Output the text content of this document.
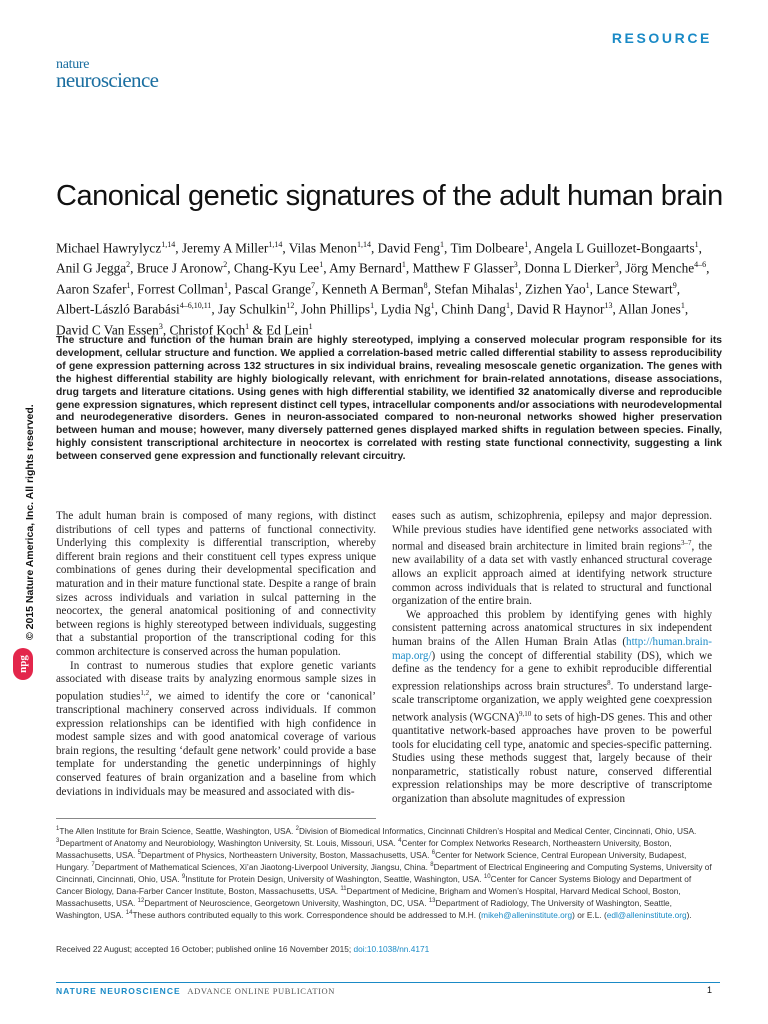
RESOURCE
nature
neuroscience
Canonical genetic signatures of the adult human brain
Michael Hawrylycz$^{1,14}$, Jeremy A Miller$^{1,14}$, Vilas Menon$^{1,14}$, David Feng$^1$, Tim Dolbeare$^1$, Angela L Guillozet-Bongaarts$^1$, Anil G Jegga$^2$, Bruce J Aronow$^2$, Chang-Kyu Lee$^1$, Amy Bernard$^1$, Matthew F Glasser$^3$, Donna L Dierker$^3$, Jörg Menche$^{4-6}$, Aaron Szafer$^1$, Forrest Collman$^1$, Pascal Grange$^7$, Kenneth A Berman$^8$, Stefan Mihalas$^1$, Zizhen Yao$^1$, Lance Stewart$^9$, Albert-László Barabási$^{4-6,10,11}$, Jay Schulkin$^{12}$, John Phillips$^1$, Lydia Ng$^1$, Chinh Dang$^1$, David R Haynor$^{13}$, Allan Jones$^1$, David C Van Essen$^3$, Christof Koch$^1$ & Ed Lein$^1$
The structure and function of the human brain are highly stereotyped, implying a conserved molecular program responsible for its development, cellular structure and function. We applied a correlation-based metric called differential stability to assess reproducibility of gene expression patterning across 132 structures in six individual brains, revealing mesoscale genetic organization. The genes with the highest differential stability are highly biologically relevant, with enrichment for brain-related annotations, disease associations, drug targets and literature citations. Using genes with high differential stability, we identified 32 anatomically diverse and reproducible gene expression signatures, which represent distinct cell types, intracellular components and/or associations with neurodevelopmental and neurodegenerative disorders. Genes in neuron-associated compared to non-neuronal networks showed higher preservation between human and mouse; however, many diversely patterned genes displayed marked shifts in regulation between species. Finally, highly consistent transcriptional architecture in neocortex is correlated with resting state functional connectivity, suggesting a link between conserved gene expression and functionally relevant circuitry.

The adult human brain is composed of many regions, with distinct distributions of cell types and patterns of functional connectivity. Underlying this complexity is differential transcription, whereby different brain regions and their constituent cell types express unique combinations of genes during their developmental specification and maturation and in their mature functional state. Despite a range of brain sizes across individuals and variation in sulcal patterning in the neocortex, the general anatomical positioning of and connectivity between regions is highly stereotyped between individuals, suggesting that a substantial proportion of the transcriptional coding for this common architecture is conserved across the human population.

In contrast to numerous studies that explore genetic variants associated with disease traits by analyzing enormous sample sizes in population studies$^{1,2}$, we aimed to identify the core or ‘canonical’ transcriptional machinery conserved across individuals. If common expression relationships can be identified with high confidence in modest sample sizes and with good anatomical coverage of various brain regions, the resulting ‘default gene network’ could provide a base template for understanding the genetic underpinnings of highly conserved features of brain organization and a baseline from which deviations in individuals may be measured and associated with dis-

eases such as autism, schizophrenia, epilepsy and major depression. While previous studies have identified gene networks associated with normal and diseased brain architecture in limited brain regions$^{3-7}$, the new availability of a data set with vastly enhanced structural coverage allows an explicit approach aimed at identifying network structure common across individuals that is related to structural and functional organization of the entire brain.

We approached this problem by identifying genes with highly consistent patterning across anatomical structures in six independent human brains of the Allen Human Brain Atlas (http://human.brain-map.org/) using the concept of differential stability (DS), which we define as the tendency for a gene to exhibit reproducible differential expression relationships across brain structures$^8$. To understand large-scale transcriptome organization, we apply weighted gene coexpression network analysis (WGCNA)$^{9,10}$ to sets of high-DS genes. This and other quantitative network-based approaches have proven to be powerful tools for elucidating cell type, anatomic and species-specific patterning. Studies using these methods suggest that, largely because of their nonparametric, statistically robust nature, conserved differential expression relationships may be more descriptive of transcriptome organization than absolute magnitudes of expression

$^1$The Allen Institute for Brain Science, Seattle, Washington, USA. $^2$Division of Biomedical Informatics, Cincinnati Children’s Hospital and Medical Center, Cincinnati, Ohio, USA. $^3$Department of Anatomy and Neurobiology, Washington University, St. Louis, Missouri, USA. $^4$Center for Complex Networks Research, Northeastern University, Boston, Massachusetts, USA. $^5$Department of Physics, Northeastern University, Boston, Massachusetts, USA. $^6$Center for Network Science, Central European University, Budapest, Hungary. $^7$Department of Mathematical Sciences, Xi’an Jiaotong-Liverpool University, Jiangsu, China. $^8$Department of Electrical Engineering and Computing Systems, University of Cincinnati, Cincinnati, Ohio, USA. $^9$Institute for Protein Design, University of Washington, Seattle, Washington, USA. $^{10}$Center for Cancer Systems Biology and Department of Cancer Biology, Dana-Farber Cancer Institute, Boston, Massachusetts, USA. $^{11}$Department of Medicine, Brigham and Women’s Hospital, Harvard Medical School, Boston, Massachusetts, USA. $^{12}$Department of Neuroscience, Georgetown University, Washington, DC, USA. $^{13}$Department of Radiology, The University of Washington, Seattle, Washington, USA. $^{14}$These authors contributed equally to this work. Correspondence should be addressed to M.H. (mikeh@alleninstitute.org) or E.L. (edl@alleninstitute.org).
Received 22 August; accepted 16 October; published online 16 November 2015; doi:10.1038/nn.4171
NATURE NEUROSCIENCE ADVANCE ONLINE PUBLICATION	1
© 2015 Nature America, Inc. All rights reserved.
npg
